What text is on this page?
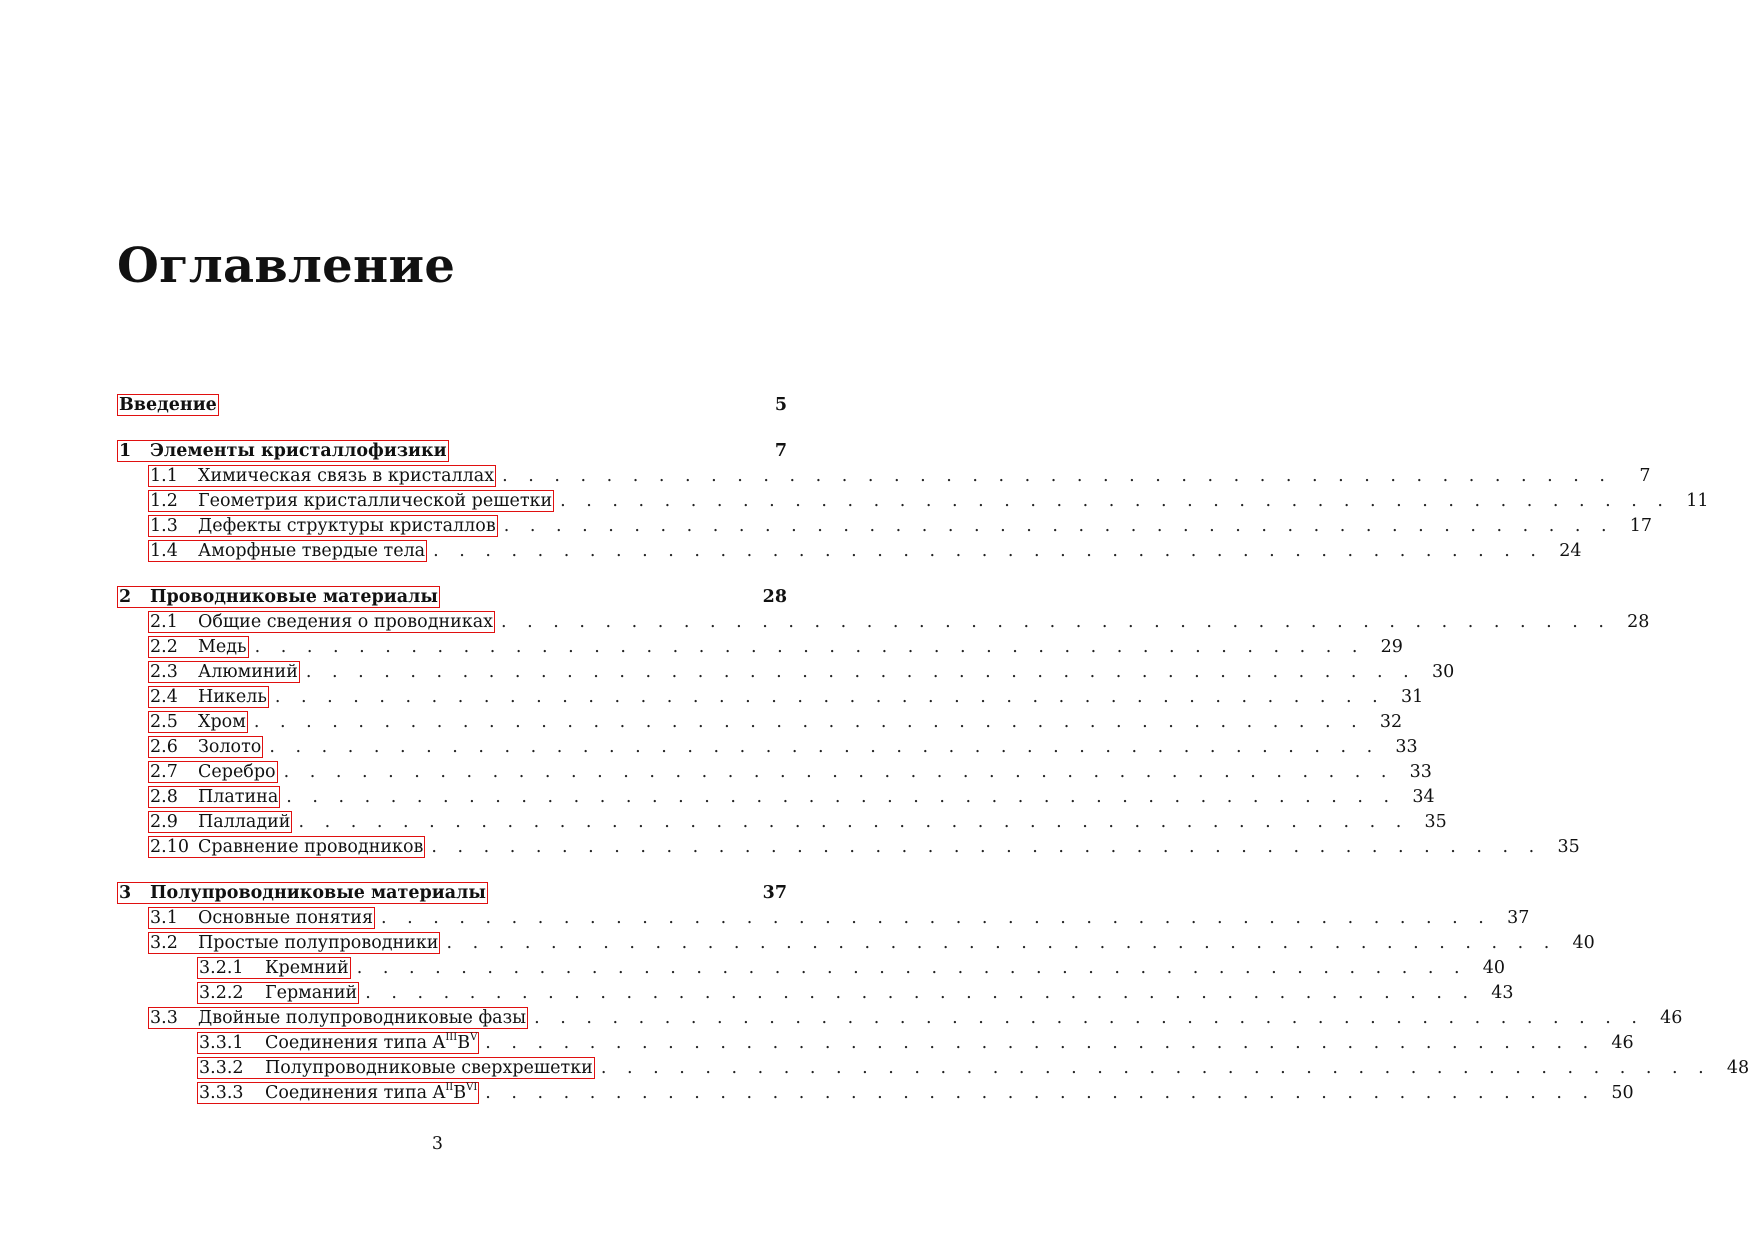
Оглавление
Введение	5
1	Элементы кристаллофизики	7
1.1	Химическая связь в кристаллах . . . . . . . . . . . . . . . . . . . . . . . . . . . . . . . . . . . . . . . . . . .	7
1.2	Геометрия кристаллической решетки . . . . . . . . . . . . . . . . . . . . . . . . . . . . . . . . . . . . . . . . . . . 11
1.3	Дефекты структуры кристаллов . . . . . . . . . . . . . . . . . . . . . . . . . . . . . . . . . . . . . . . . . . . 17
1.4	Аморфные твердые тела . . . . . . . . . . . . . . . . . . . . . . . . . . . . . . . . . . . . . . . . . . . 24
2	Проводниковые материалы	28
2.1	Общие сведения о проводниках . . . . . . . . . . . . . . . . . . . . . . . . . . . . . . . . . . . . . . . . . . . 28
2.2	Медь . . . . . . . . . . . . . . . . . . . . . . . . . . . . . . . . . . . . . . . . . . . 29
2.3	Алюминий . . . . . . . . . . . . . . . . . . . . . . . . . . . . . . . . . . . . . . . . . . . 30
2.4	Никель . . . . . . . . . . . . . . . . . . . . . . . . . . . . . . . . . . . . . . . . . . . 31
2.5	Хром . . . . . . . . . . . . . . . . . . . . . . . . . . . . . . . . . . . . . . . . . . . 32
2.6	Золото . . . . . . . . . . . . . . . . . . . . . . . . . . . . . . . . . . . . . . . . . . . 33
2.7	Серебро . . . . . . . . . . . . . . . . . . . . . . . . . . . . . . . . . . . . . . . . . . . 33
2.8	Платина . . . . . . . . . . . . . . . . . . . . . . . . . . . . . . . . . . . . . . . . . . . 34
2.9	Палладий . . . . . . . . . . . . . . . . . . . . . . . . . . . . . . . . . . . . . . . . . . . 35
2.10 Сравнение проводников . . . . . . . . . . . . . . . . . . . . . . . . . . . . . . . . . . . . . . . . . . . 35
3	Полупроводниковые материалы	37
3.1	Основные понятия . . . . . . . . . . . . . . . . . . . . . . . . . . . . . . . . . . . . . . . . . . . 37
3.2	Простые полупроводники . . . . . . . . . . . . . . . . . . . . . . . . . . . . . . . . . . . . . . . . . . . 40
3.2.1	Кремний . . . . . . . . . . . . . . . . . . . . . . . . . . . . . . . . . . . . . . . . . . . 40
3.2.2	Германий . . . . . . . . . . . . . . . . . . . . . . . . . . . . . . . . . . . . . . . . . . . 43
3.3	Двойные полупроводниковые фазы . . . . . . . . . . . . . . . . . . . . . . . . . . . . . . . . . . . . . . . . . . . 46
3.3.1	Соединения типа $A^{III}B^V$ . . . . . . . . . . . . . . . . . . . . . . . . . . . . . . . . . . . . . . . . . . . 46
3.3.2	Полупроводниковые сверхрешетки . . . . . . . . . . . . . . . . . . . . . . . . . . . . . . . . . . . . . . . . . . . 48
3.3.3	Соединения типа $A^{II}B^{VI}$ . . . . . . . . . . . . . . . . . . . . . . . . . . . . . . . . . . . . . . . . . . . 50
3
